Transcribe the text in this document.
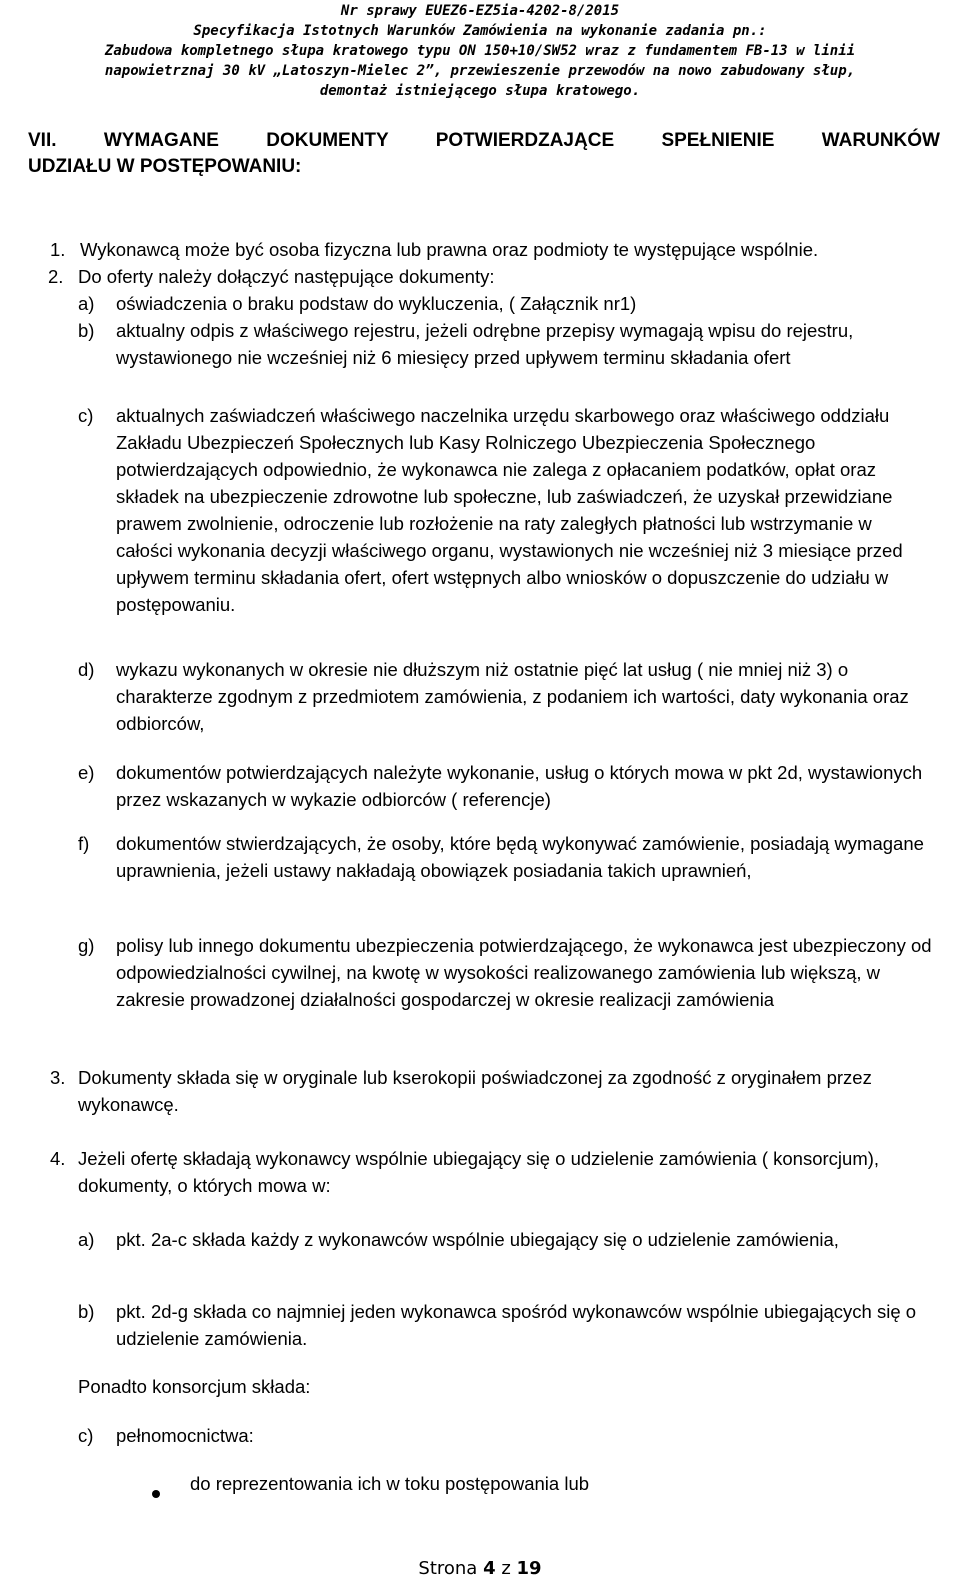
Nr sprawy EUEZ6-EZ5ia-4202-8/2015
Specyfikacja Istotnych Warunków Zamówienia na wykonanie zadania pn.:
Zabudowa kompletnego słupa kratowego typu ON 150+10/SW52 wraz z fundamentem FB-13 w linii
napowietrznaj 30 kV „Latoszyn-Mielec 2”, przewieszenie przewodów na nowo zabudowany słup,
demontaż istniejącego słupa kratowego.
VII. WYMAGANE DOKUMENTY POTWIERDZAJĄCE SPEŁNIENIE WARUNKÓW
UDZIAŁU W POSTĘPOWANIU:
1. Wykonawcą może być osoba fizyczna lub prawna oraz podmioty te występujące wspólnie.
2. Do oferty należy dołączyć następujące dokumenty:
a) oświadczenia o braku podstaw do wykluczenia, ( Załącznik nr1)
b) aktualny odpis z właściwego rejestru, jeżeli odrębne przepisy wymagają wpisu do rejestru, wystawionego nie wcześniej niż 6 miesięcy przed upływem terminu składania ofert
c) aktualnych zaświadczeń właściwego naczelnika urzędu skarbowego oraz właściwego oddziału Zakładu Ubezpieczeń Społecznych lub Kasy Rolniczego Ubezpieczenia Społecznego potwierdzających odpowiednio, że wykonawca nie zalega z opłacaniem podatków, opłat oraz składek na ubezpieczenie zdrowotne lub społeczne, lub zaświadczeń, że uzyskał przewidziane prawem zwolnienie, odroczenie lub rozłożenie na raty zaległych płatności lub wstrzymanie w całości wykonania decyzji właściwego organu, wystawionych nie wcześniej niż 3 miesiące przed upływem terminu składania ofert, ofert wstępnych albo wniosków o dopuszczenie do udziału w postępowaniu.
d) wykazu wykonanych w okresie nie dłuższym niż ostatnie pięć lat usług ( nie mniej niż 3) o charakterze zgodnym z przedmiotem zamówienia, z podaniem ich wartości, daty wykonania oraz odbiorców,
e) dokumentów potwierdzających należyte wykonanie, usług o których mowa w pkt 2d, wystawionych przez wskazanych w wykazie odbiorców ( referencje)
f) dokumentów stwierdzających, że osoby, które będą wykonywać zamówienie, posiadają wymagane uprawnienia, jeżeli ustawy nakładają obowiązek posiadania takich uprawnień,
g) polisy lub innego dokumentu ubezpieczenia potwierdzającego, że wykonawca jest ubezpieczony od odpowiedzialności cywilnej, na kwotę w wysokości realizowanego zamówienia lub większą, w zakresie prowadzonej działalności gospodarczej w okresie realizacji zamówienia
3. Dokumenty składa się w oryginale lub kserokopii poświadczonej za zgodność z oryginałem przez wykonawcę.
4. Jeżeli ofertę składają wykonawcy wspólnie ubiegający się o udzielenie zamówienia ( konsorcjum), dokumenty, o których mowa w:
a) pkt. 2a-c składa każdy z wykonawców wspólnie ubiegający się o udzielenie zamówienia,
b) pkt. 2d-g składa co najmniej jeden wykonawca spośród wykonawców wspólnie ubiegających się o udzielenie zamówienia.
Ponadto konsorcjum składa:
c) pełnomocnictwa:
do reprezentowania ich w toku postępowania lub
Strona 4 z 19
